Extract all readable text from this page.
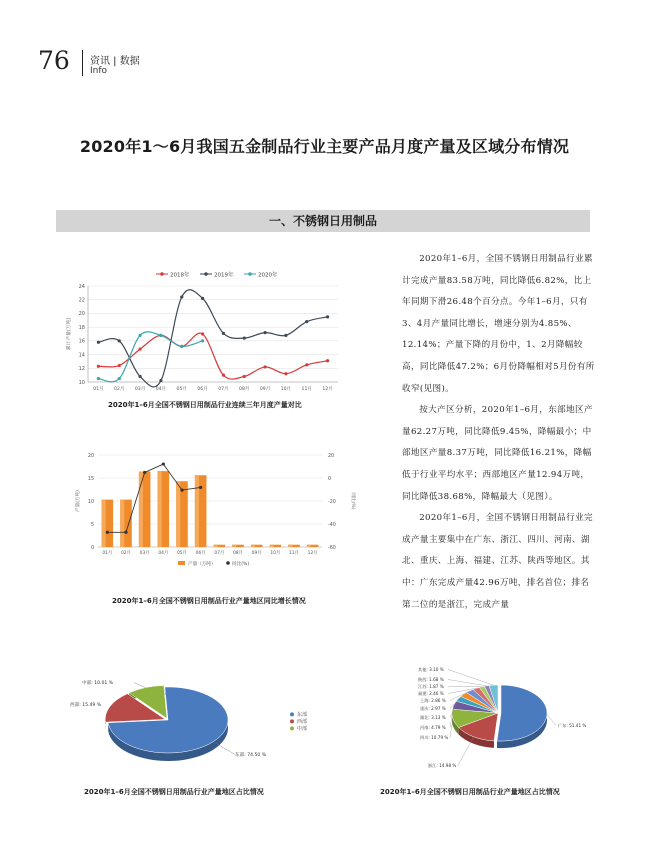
76 资讯 | 数据
Info
2020年1～6月我国五金制品行业主要产品月度产量及区域分布情况
一、不锈钢日用制品

2020年1–6月，全国不锈钢日用制品行业累计完成产量83.58万吨，同比降低6.82%，比上年同期下滑26.48个百分点。今年1–6月，只有3、4月产量同比增长，增速分别为4.85%、12.14%；产量下降的月份中，1、2月降幅较高，同比降低47.2%；6月份降幅相对5月份有所收窄(见图)。

按大产区分析，2020年1–6月，东部地区产量62.27万吨，同比降低9.45%，降幅最小；中部地区产量8.37万吨，同比降低16.21%，降幅低于行业平均水平；西部地区产量12.94万吨，同比降低38.68%，降幅最大（见图）。

2020年1–6月，全国不锈钢日用制品行业完成产量主要集中在广东、浙江、四川、河南、湖北、重庆、上海、福建、江苏、陕西等地区。其中：广东完成产量42.96万吨，排名首位；排名第二位的是浙江，完成产量

2018年	2019年	2020年
24
22
20
18
16
14
12
10
累计产量(万吨)
01月 02月 03月 04月 05月 06月 07月 08月 09月 10月 11月 12月
2020年1–6月全国不锈钢日用制品行业连续三年月度产量对比
20
15
10
5
0
20
0
-20
-40
-60
产量(万吨)	同比(%)
01月 02月 03月 04月 05月 06月 07月 08月 09月 10月 11月 12月
产量（万吨）	同比(%)
2020年1–6月全国不锈钢日用制品行业产量地区同比增长情况
东部: 74.50 %
西部: 15.49 %
中部: 10.01 %
东部
西部
中部
2020年1–6月全国不锈钢日用制品行业产量地区占比情况
广东: 51.41 %
浙江: 14.98 %
四川: 10.79 %
河南: 4.79 %
湖北: 3.13 %
重庆: 2.97 %
上海: 2.86 %
福建: 2.46 %
江苏: 1.87 %
陕西: 1.68 %
其他: 3.10 %
2020年1–6月全国不锈钢日用制品行业产量地区占比情况
